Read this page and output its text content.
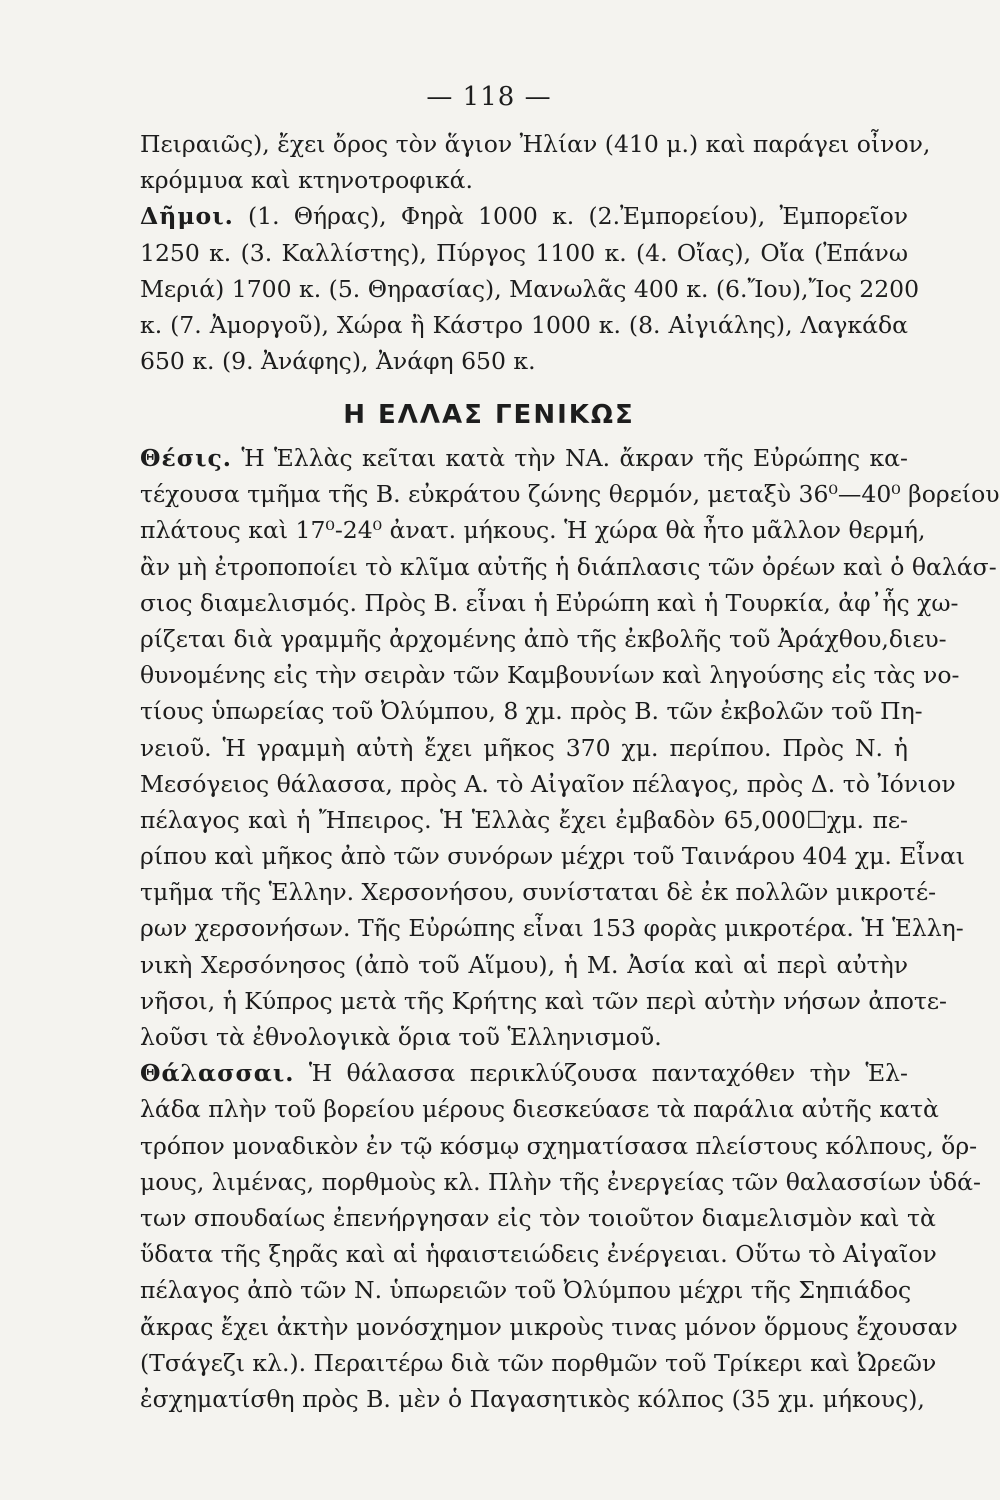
— 118 —
Πειραιῶς), ἔχει ὄρος τὸν ἅγιον Ἠλίαν (410 μ.) καὶ παράγει οἶνον,
κρόμμυα καὶ κτηνοτροφικά.
Δῆμοι. (1. Θήρας), Φηρὰ 1000 κ. (2.Ἐμπορείου), Ἐμπορεῖον
1250 κ. (3. Καλλίστης), Πύργος 1100 κ. (4. Οἴας), Οἴα (Ἐπάνω
Μεριά) 1700 κ. (5. Θηρασίας), Μανωλᾶς 400 κ. (6.Ἴου),Ἴος 2200
κ. (7. Ἀμοργοῦ), Χώρα ἢ Κάστρο 1000 κ. (8. Αἰγιάλης), Λαγκάδα
650 κ. (9. Ἀνάφης), Ἀνάφη 650 κ.
Η ΕΛΛΑΣ ΓΕΝΙΚΩΣ
Θέσις. Ἡ Ἑλλὰς κεῖται κατὰ τὴν ΝΑ. ἄκραν τῆς Εὐρώπης κα-
τέχουσα τμῆμα τῆς Β. εὐκράτου ζώνης θερμόν, μεταξὺ 36⁰—40⁰ βορείου
πλάτους καὶ 17⁰-24⁰ ἀνατ. μήκους. Ἡ χώρα θὰ ἦτο μᾶλλον θερμή,
ἂν μὴ ἐτροποποίει τὸ κλῖμα αὐτῆς ἡ διάπλασις τῶν ὀρέων καὶ ὁ θαλάσ-
σιος διαμελισμός. Πρὸς Β. εἶναι ἡ Εὐρώπη καὶ ἡ Τουρκία, ἀφ᾽ἧς χω-
ρίζεται διὰ γραμμῆς ἀρχομένης ἀπὸ τῆς ἐκβολῆς τοῦ Ἀράχθου,διευ-
θυνομένης εἰς τὴν σειρὰν τῶν Καμβουνίων καὶ ληγούσης εἰς τὰς νο-
τίους ὑπωρείας τοῦ Ὀλύμπου, 8 χμ. πρὸς Β. τῶν ἐκβολῶν τοῦ Πη-
νειοῦ. Ἡ γραμμὴ αὐτὴ ἔχει μῆκος 370 χμ. περίπου. Πρὸς Ν. ἡ
Μεσόγειος θάλασσα, πρὸς Α. τὸ Αἰγαῖον πέλαγος, πρὸς Δ. τὸ Ἰόνιον
πέλαγος καὶ ἡ Ἤπειρος. Ἡ Ἑλλὰς ἔχει ἐμβαδὸν 65,000☐χμ. πε-
ρίπου καὶ μῆκος ἀπὸ τῶν συνόρων μέχρι τοῦ Ταινάρου 404 χμ. Εἶναι
τμῆμα τῆς Ἑλλην. Χερσονήσου, συνίσταται δὲ ἐκ πολλῶν μικροτέ-
ρων χερσονήσων. Τῆς Εὐρώπης εἶναι 153 φορὰς μικροτέρα. Ἡ Ἑλλη-
νικὴ Χερσόνησος (ἀπὸ τοῦ Αἵμου), ἡ Μ. Ἀσία καὶ αἱ περὶ αὐτὴν
νῆσοι, ἡ Κύπρος μετὰ τῆς Κρήτης καὶ τῶν περὶ αὐτὴν νήσων ἀποτε-
λοῦσι τὰ ἐθνολογικὰ ὅρια τοῦ Ἑλληνισμοῦ.
Θάλασσαι. Ἡ θάλασσα περικλύζουσα πανταχόθεν τὴν Ἑλ-
λάδα πλὴν τοῦ βορείου μέρους διεσκεύασε τὰ παράλια αὐτῆς κατὰ
τρόπον μοναδικὸν ἐν τῷ κόσμῳ σχηματίσασα πλείστους κόλπους, ὅρ-
μους, λιμένας, πορθμοὺς κλ. Πλὴν τῆς ἐνεργείας τῶν θαλασσίων ὑδά-
των σπουδαίως ἐπενήργησαν εἰς τὸν τοιοῦτον διαμελισμὸν καὶ τὰ
ὕδατα τῆς ξηρᾶς καὶ αἱ ἡφαιστειώδεις ἐνέργειαι. Οὕτω τὸ Αἰγαῖον
πέλαγος ἀπὸ τῶν Ν. ὑπωρειῶν τοῦ Ὀλύμπου μέχρι τῆς Σηπιάδος
ἄκρας ἔχει ἀκτὴν μονόσχημον μικροὺς τινας μόνον ὅρμους ἔχουσαν
(Τσάγεζι κλ.). Περαιτέρω διὰ τῶν πορθμῶν τοῦ Τρίκερι καὶ Ὠρεῶν
ἐσχηματίσθη πρὸς Β. μὲν ὁ Παγασητικὸς κόλπος (35 χμ. μήκους),
